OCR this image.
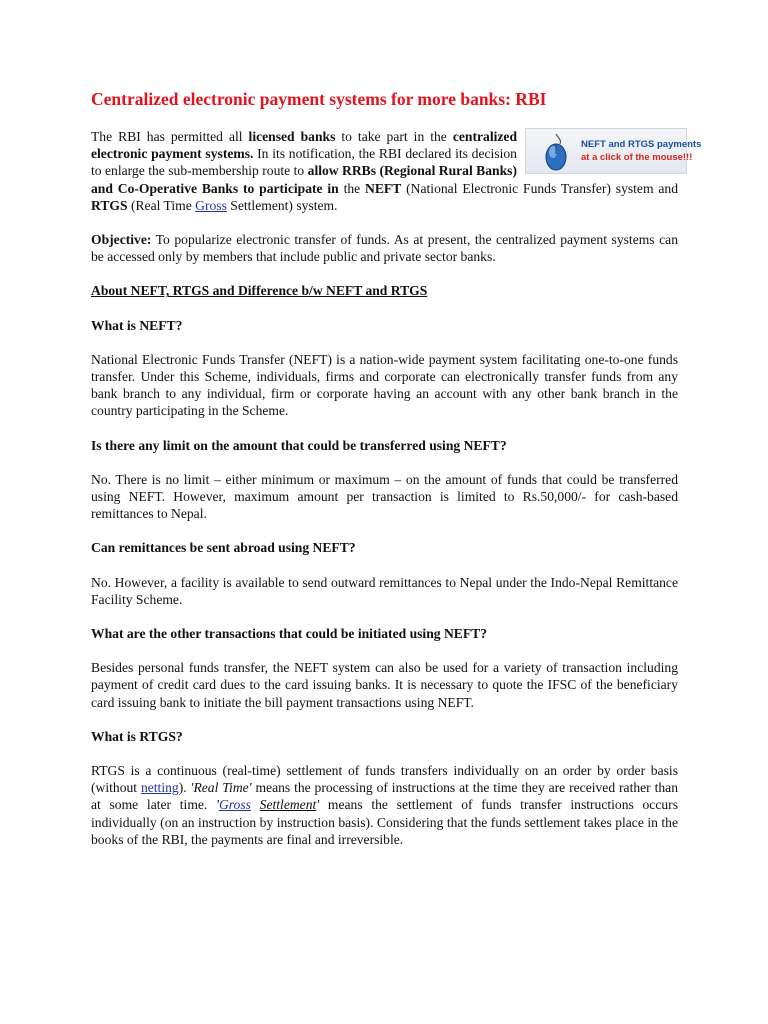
Centralized electronic payment systems for more banks: RBI
NEFT and RTGS payments
at a click of the mouse!!!

The RBI has permitted all licensed banks to take part in the centralized electronic payment systems. In its notification, the RBI declared its decision to enlarge the sub-membership route to allow RRBs (Regional Rural Banks) and Co-Operative Banks to participate in the NEFT (National Electronic Funds Transfer) system and RTGS (Real Time Gross Settlement) system.

Objective: To popularize electronic transfer of funds. As at present, the centralized payment systems can be accessed only by members that include public and private sector banks.

About NEFT, RTGS and Difference b/w NEFT and RTGS

What is NEFT?

National Electronic Funds Transfer (NEFT) is a nation-wide payment system facilitating one-to-one funds transfer. Under this Scheme, individuals, firms and corporate can electronically transfer funds from any bank branch to any individual, firm or corporate having an account with any other bank branch in the country participating in the Scheme.

Is there any limit on the amount that could be transferred using NEFT?

No. There is no limit – either minimum or maximum – on the amount of funds that could be transferred using NEFT. However, maximum amount per transaction is limited to Rs.50,000/- for cash-based remittances to Nepal.

Can remittances be sent abroad using NEFT?

No. However, a facility is available to send outward remittances to Nepal under the Indo-Nepal Remittance Facility Scheme.

What are the other transactions that could be initiated using NEFT?

Besides personal funds transfer, the NEFT system can also be used for a variety of transaction including payment of credit card dues to the card issuing banks. It is necessary to quote the IFSC of the beneficiary card issuing bank to initiate the bill payment transactions using NEFT.

What is RTGS?

RTGS is a continuous (real-time) settlement of funds transfers individually on an order by order basis (without netting). 'Real Time' means the processing of instructions at the time they are received rather than at some later time. 'Gross Settlement' means the settlement of funds transfer instructions occurs individually (on an instruction by instruction basis). Considering that the funds settlement takes place in the books of the RBI, the payments are final and irreversible.
